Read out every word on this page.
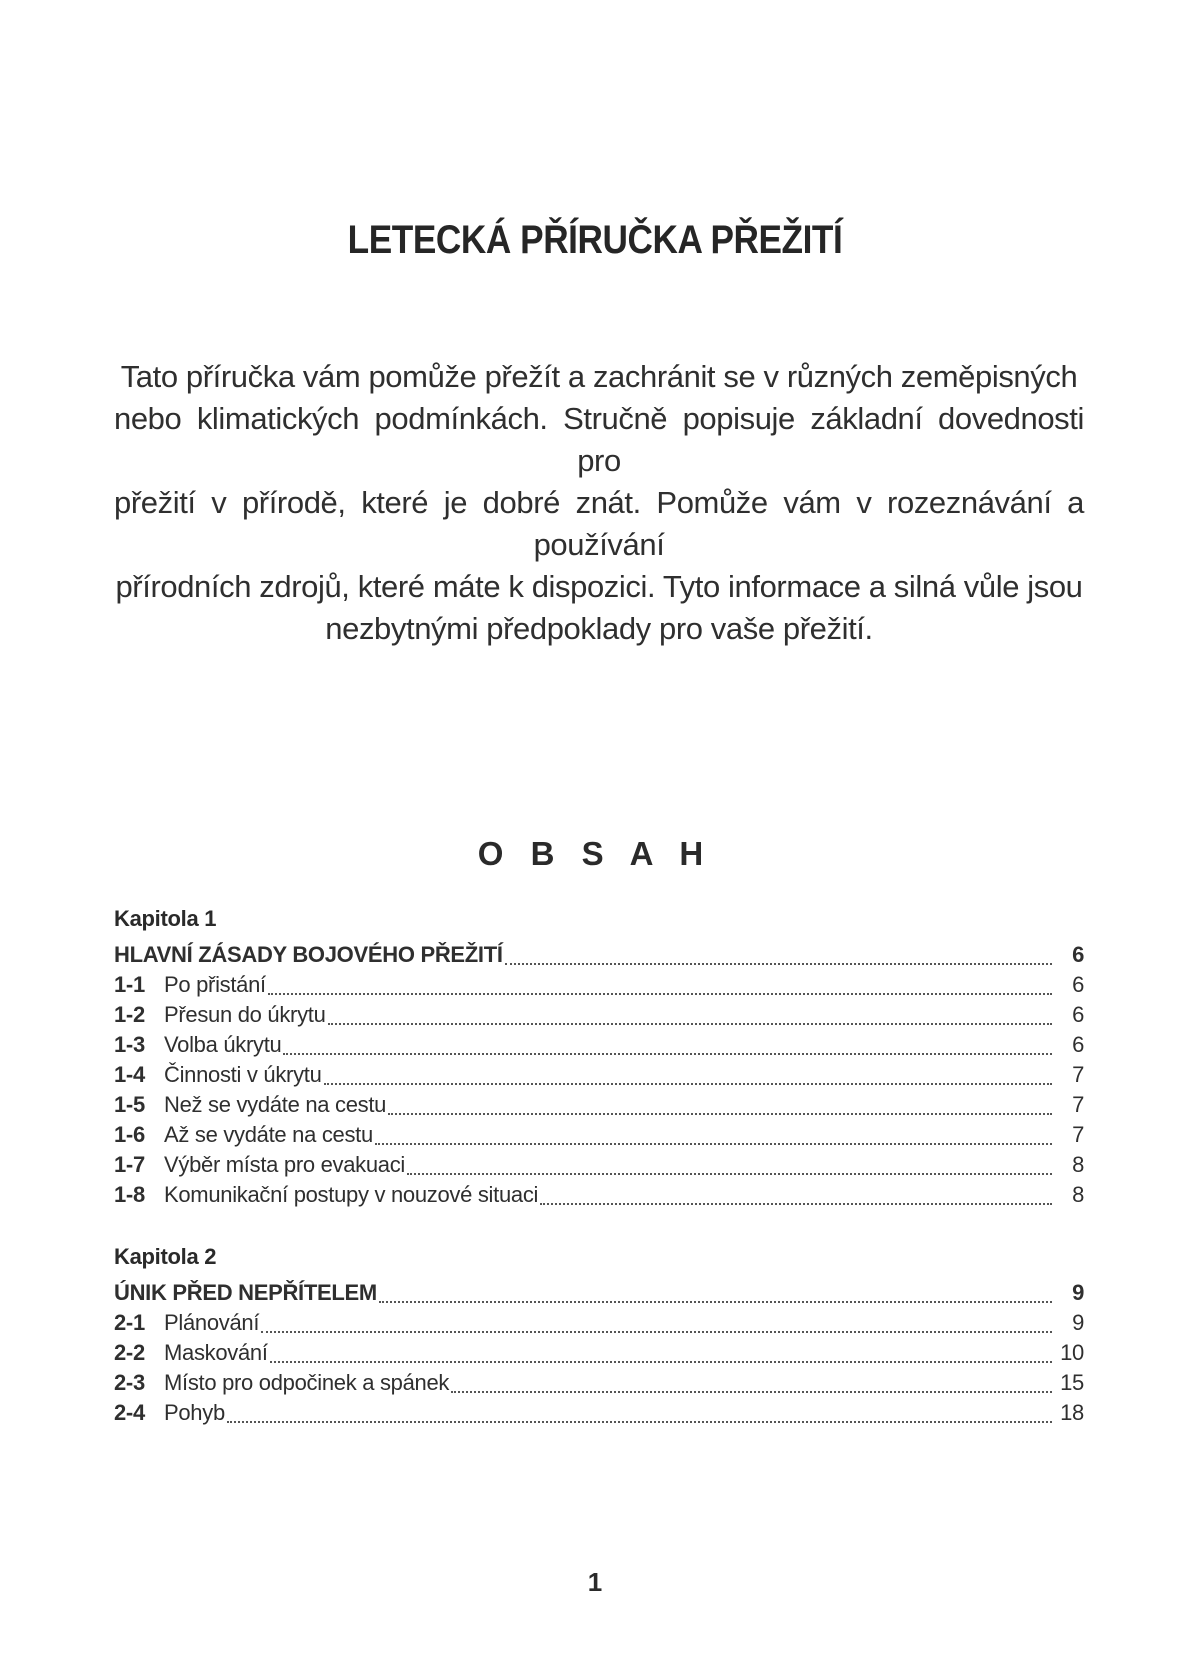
LETECKÁ PŘÍRUČKA PŘEŽITÍ
Tato příručka vám pomůže přežít a zachránit se v různých zeměpisných
nebo klimatických podmínkách. Stručně popisuje základní dovednosti pro
přežití v přírodě, které je dobré znát. Pomůže vám v rozeznávání a používání
přírodních zdrojů, které máte k dispozici. Tyto informace a silná vůle jsou
nezbytnými předpoklady pro vaše přežití.
O B S A H
Kapitola 1
HLAVNÍ ZÁSADY BOJOVÉHO PŘEŽITÍ	6
1-1 Po přistání	6
1-2 Přesun do úkrytu	6
1-3 Volba úkrytu	6
1-4 Činnosti v úkrytu	7
1-5 Než se vydáte na cestu	7
1-6 Až se vydáte na cestu	7
1-7 Výběr místa pro evakuaci	8
1-8 Komunikační postupy v nouzové situaci	8
Kapitola 2
ÚNIK PŘED NEPŘÍTELEM	9
2-1 Plánování	9
2-2 Maskování	10
2-3 Místo pro odpočinek a spánek	15
2-4 Pohyb	18
1
